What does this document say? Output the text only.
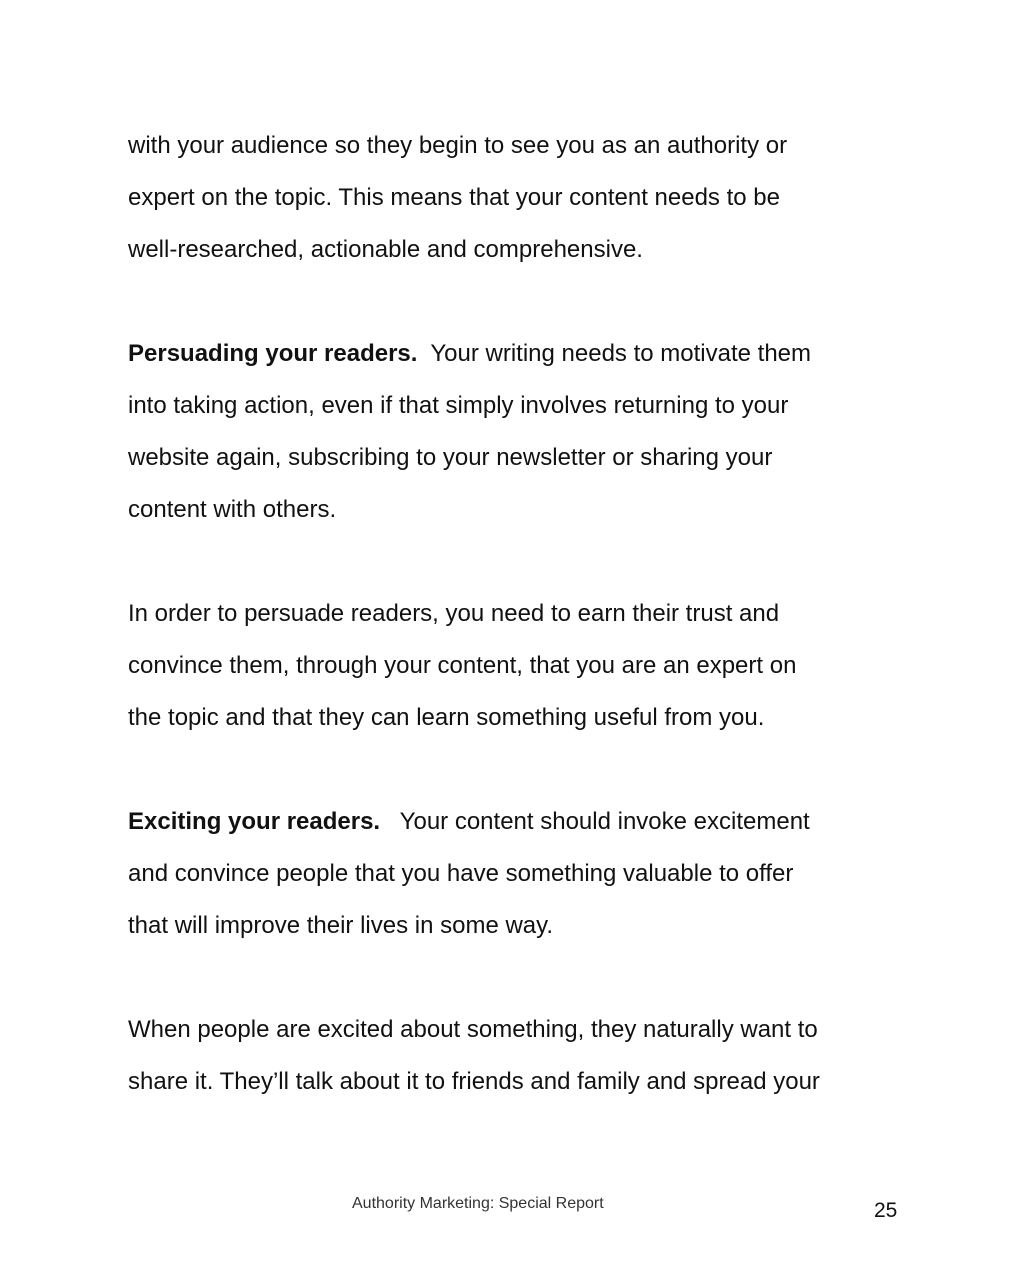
with your audience so they begin to see you as an authority or
expert on the topic. This means that your content needs to be
well-researched, actionable and comprehensive.
Persuading your readers.  Your writing needs to motivate them
into taking action, even if that simply involves returning to your
website again, subscribing to your newsletter or sharing your
content with others.
In order to persuade readers, you need to earn their trust and
convince them, through your content, that you are an expert on
the topic and that they can learn something useful from you.
Exciting your readers.   Your content should invoke excitement
and convince people that you have something valuable to offer
that will improve their lives in some way.
When people are excited about something, they naturally want to
share it. They’ll talk about it to friends and family and spread your
Authority Marketing: Special Report	25
